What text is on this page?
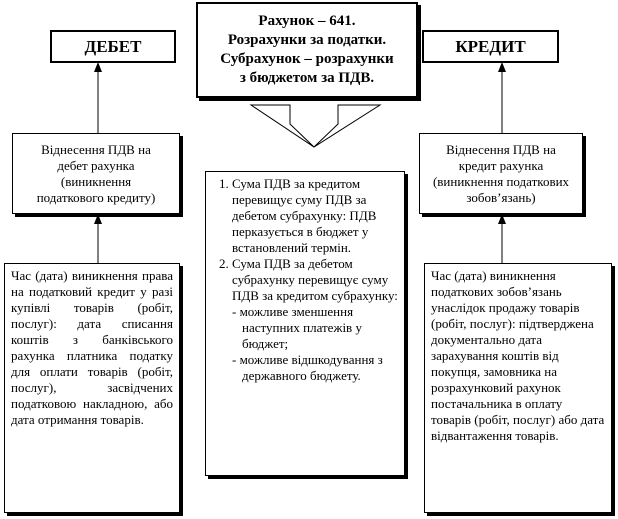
ДЕБЕТ	КРЕДИТ
Рахунок – 641.
Розрахунки за податки.
Субрахунок – розрахунки
з бюджетом за ПДВ.
Віднесення ПДВ на дебет рахунка (виникнення податкового кредиту)
Віднесення ПДВ на кредит рахунка (виникнення податкових зобов’язань)
Час (дата) виникнення права на податковий кредит у разі купівлі товарів (робіт, послуг): дата списання коштів з банківського рахунка платника податку для оплати товарів (робіт, послуг), засвідчених податковою накладною, або дата отримання товарів.
Час (дата) виникнення податкових зобов’язань унаслідок продажу товарів (робіт, послуг): підтверджена документально дата зарахування коштів від покупця, замовника на розрахунковий рахунок постачальника в оплату товарів (робіт, послуг) або дата відвантаження товарів.
1. Сума ПДВ за кредитом перевищує суму ПДВ за дебетом субрахунку: ПДВ перказується в бюджет у встановлений термін.
2. Сума ПДВ за дебетом субрахунку перевищує суму ПДВ за кредитом субрахунку:
- можливе зменшення наступних платежів у бюджет;
- можливе відшкодування з державного бюджету.
